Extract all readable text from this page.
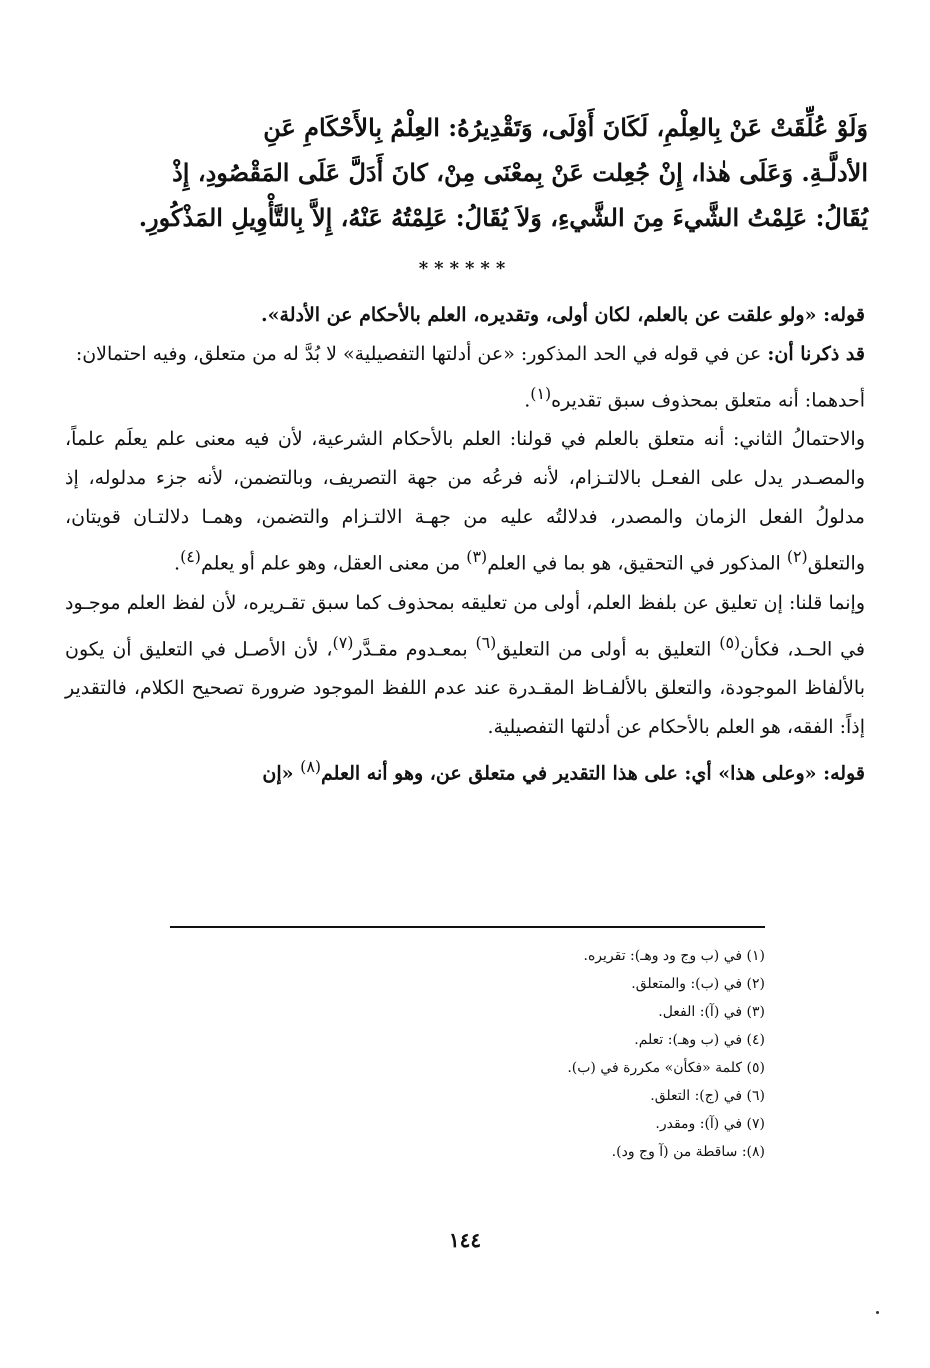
وَلَوْ عُلِّقَتْ عَنْ بِالعِلْمِ، لَكَانَ أَوْلَى، وَتَقْدِيرُهُ: العِلْمُ بِالأَحْكَامِ عَنِ

الأدلَّـةِ. وَعَلَى هٰذا، إِنْ جُعِلت عَنْ بِمعْنَى مِنْ، كانَ أَدَلَّ عَلَى المَقْصُودِ، إِذْ

يُقَالُ: عَلِمْتُ الشَّيءَ مِنَ الشَّيءِ، وَلاَ يُقَالُ: عَلِمْتُهُ عَنْهُ، إِلاَّ بِالتَّأْوِيلِ المَذْكُورِ.

******

قوله: «ولو علقت عن بالعلم، لكان أولى، وتقديره، العلم بالأحكام عن الأدلة».

قد ذكرنا أن: عن في قوله في الحد المذكور: «عن أدلتها التفصيلية» لا بُدَّ له من متعلق، وفيه احتمالان:

أحدهما: أنه متعلق بمحذوف سبق تقديره$^{(١)}$.

والاحتمالُ الثاني: أنه متعلق بالعلم في قولنا: العلم بالأحكام الشرعية، لأن فيه معنى علم يعلَم علماً، والمصـدر يدل على الفعـل بالالتـزام، لأنه فرعُه من جهة التصريف، وبالتضمن، لأنه جزء مدلوله، إذ مدلولُ الفعل الزمان والمصدر، فدلالتُه عليه من جهـة الالتـزام والتضمن، وهمـا دلالتـان قويتان، والتعلق$^{(٢)}$ المذكور في التحقيق، هو بما في العلم$^{(٣)}$ من معنى العقل، وهو علم أو يعلم$^{(٤)}$.

وإنما قلنا: إن تعليق عن بلفظ العلم، أولى من تعليقه بمحذوف كما سبق تقـريره، لأن لفظ العلم موجـود في الحـد، فكأن$^{(٥)}$ التعليق به أولى من التعليق$^{(٦)}$ بمعـدوم مقـدَّر$^{(٧)}$، لأن الأصـل في التعليق أن يكون بالألفاظ الموجودة، والتعلق بالألفـاظ المقـدرة عند عدم اللفظ الموجود ضرورة تصحيح الكلام، فالتقدير إذاً: الفقه، هو العلم بالأحكام عن أدلتها التفصيلية.

قوله: «وعلى هذا» أي: على هذا التقدير في متعلق عن، وهو أنه العلم$^{(٨)}$ «إن

(١) في (ب وج ود وهـ): تقريره.
(٢) في (ب): والمتعلق.
(٣) في (آ): الفعل.
(٤) في (ب وهـ): تعلم.
(٥) كلمة «فكأن» مكررة في (ب).
(٦) في (ج): التعلق.
(٧) في (آ): ومقدر.
(٨): ساقطة من (آ وج ود).
١٤٤
